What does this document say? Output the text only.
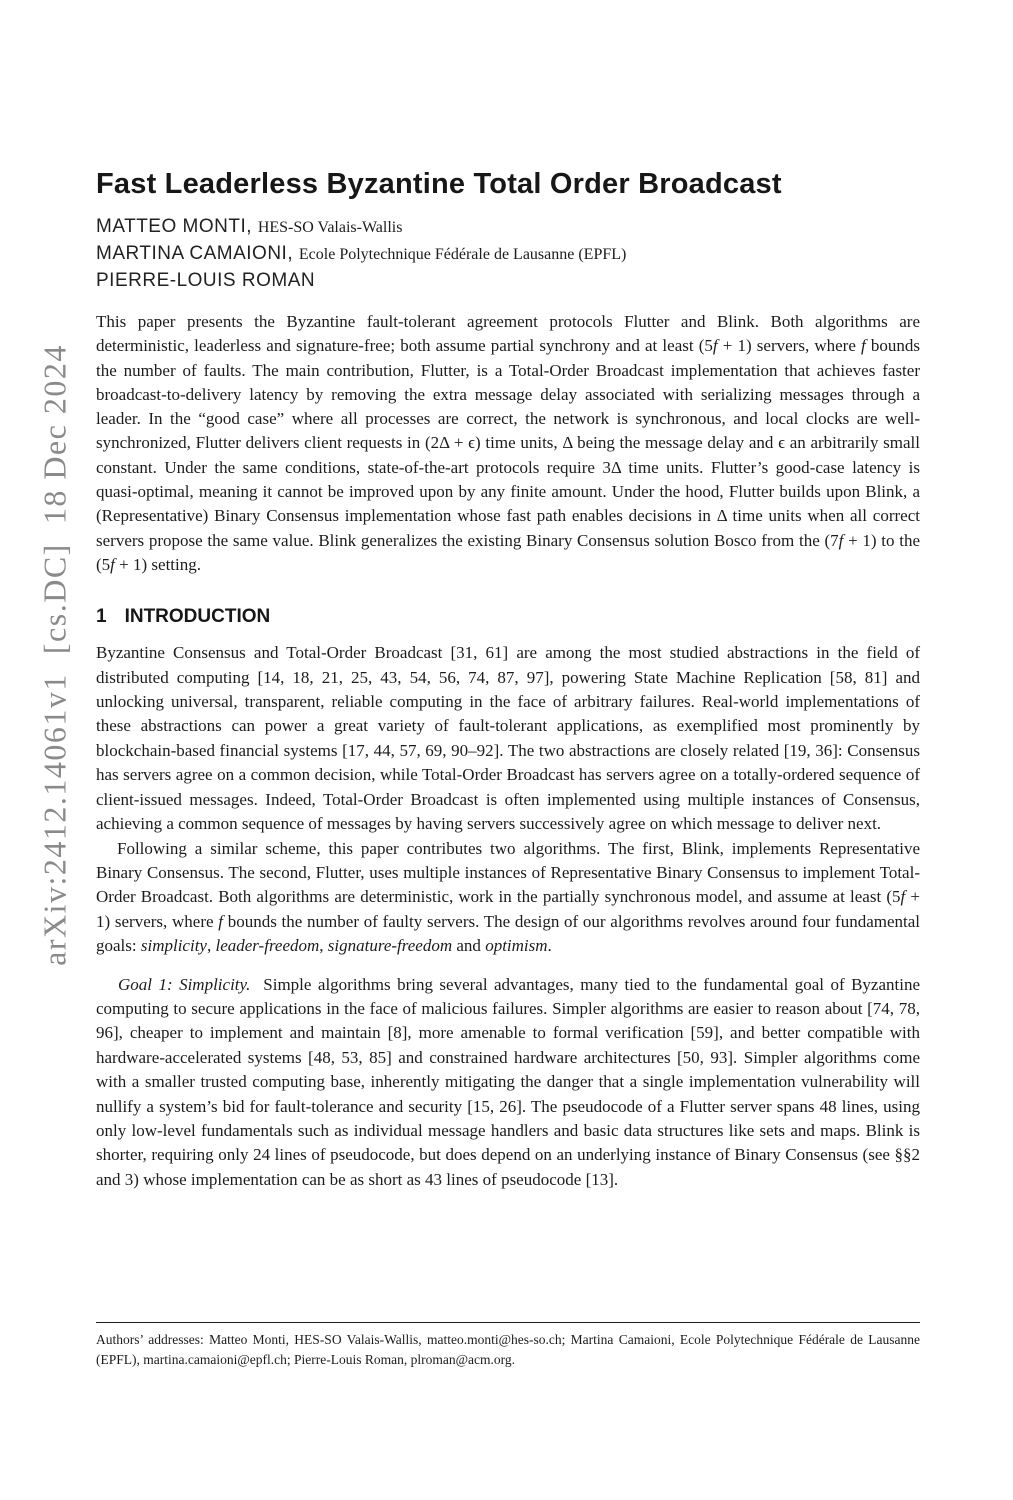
arXiv:2412.14061v1  [cs.DC]  18 Dec 2024
Fast Leaderless Byzantine Total Order Broadcast
MATTEO MONTI, HES-SO Valais-Wallis
MARTINA CAMAIONI, Ecole Polytechnique Fédérale de Lausanne (EPFL)
PIERRE-LOUIS ROMAN

This paper presents the Byzantine fault-tolerant agreement protocols Flutter and Blink. Both algorithms are deterministic, leaderless and signature-free; both assume partial synchrony and at least (5f + 1) servers, where f bounds the number of faults. The main contribution, Flutter, is a Total-Order Broadcast implementation that achieves faster broadcast-to-delivery latency by removing the extra message delay associated with serializing messages through a leader. In the “good case” where all processes are correct, the network is synchronous, and local clocks are well-synchronized, Flutter delivers client requests in (2Δ + ϵ) time units, Δ being the message delay and ϵ an arbitrarily small constant. Under the same conditions, state-of-the-art protocols require 3Δ time units. Flutter’s good-case latency is quasi-optimal, meaning it cannot be improved upon by any finite amount. Under the hood, Flutter builds upon Blink, a (Representative) Binary Consensus implementation whose fast path enables decisions in Δ time units when all correct servers propose the same value. Blink generalizes the existing Binary Consensus solution Bosco from the (7f + 1) to the (5f + 1) setting.

1 INTRODUCTION

Byzantine Consensus and Total-Order Broadcast [31, 61] are among the most studied abstractions in the field of distributed computing [14, 18, 21, 25, 43, 54, 56, 74, 87, 97], powering State Machine Replication [58, 81] and unlocking universal, transparent, reliable computing in the face of arbitrary failures. Real-world implementations of these abstractions can power a great variety of fault-tolerant applications, as exemplified most prominently by blockchain-based financial systems [17, 44, 57, 69, 90–92]. The two abstractions are closely related [19, 36]: Consensus has servers agree on a common decision, while Total-Order Broadcast has servers agree on a totally-ordered sequence of client-issued messages. Indeed, Total-Order Broadcast is often implemented using multiple instances of Consensus, achieving a common sequence of messages by having servers successively agree on which message to deliver next.

Following a similar scheme, this paper contributes two algorithms. The first, Blink, implements Representative Binary Consensus. The second, Flutter, uses multiple instances of Representative Binary Consensus to implement Total-Order Broadcast. Both algorithms are deterministic, work in the partially synchronous model, and assume at least (5f + 1) servers, where f bounds the number of faulty servers. The design of our algorithms revolves around four fundamental goals: simplicity, leader-freedom, signature-freedom and optimism.

Goal 1: Simplicity.  Simple algorithms bring several advantages, many tied to the fundamental goal of Byzantine computing to secure applications in the face of malicious failures. Simpler algorithms are easier to reason about [74, 78, 96], cheaper to implement and maintain [8], more amenable to formal verification [59], and better compatible with hardware-accelerated systems [48, 53, 85] and constrained hardware architectures [50, 93]. Simpler algorithms come with a smaller trusted computing base, inherently mitigating the danger that a single implementation vulnerability will nullify a system’s bid for fault-tolerance and security [15, 26]. The pseudocode of a Flutter server spans 48 lines, using only low-level fundamentals such as individual message handlers and basic data structures like sets and maps. Blink is shorter, requiring only 24 lines of pseudocode, but does depend on an underlying instance of Binary Consensus (see §§2 and 3) whose implementation can be as short as 43 lines of pseudocode [13].

Authors’ addresses: Matteo Monti, HES-SO Valais-Wallis, matteo.monti@hes-so.ch; Martina Camaioni, Ecole Polytechnique Fédérale de Lausanne (EPFL), martina.camaioni@epfl.ch; Pierre-Louis Roman, plroman@acm.org.
